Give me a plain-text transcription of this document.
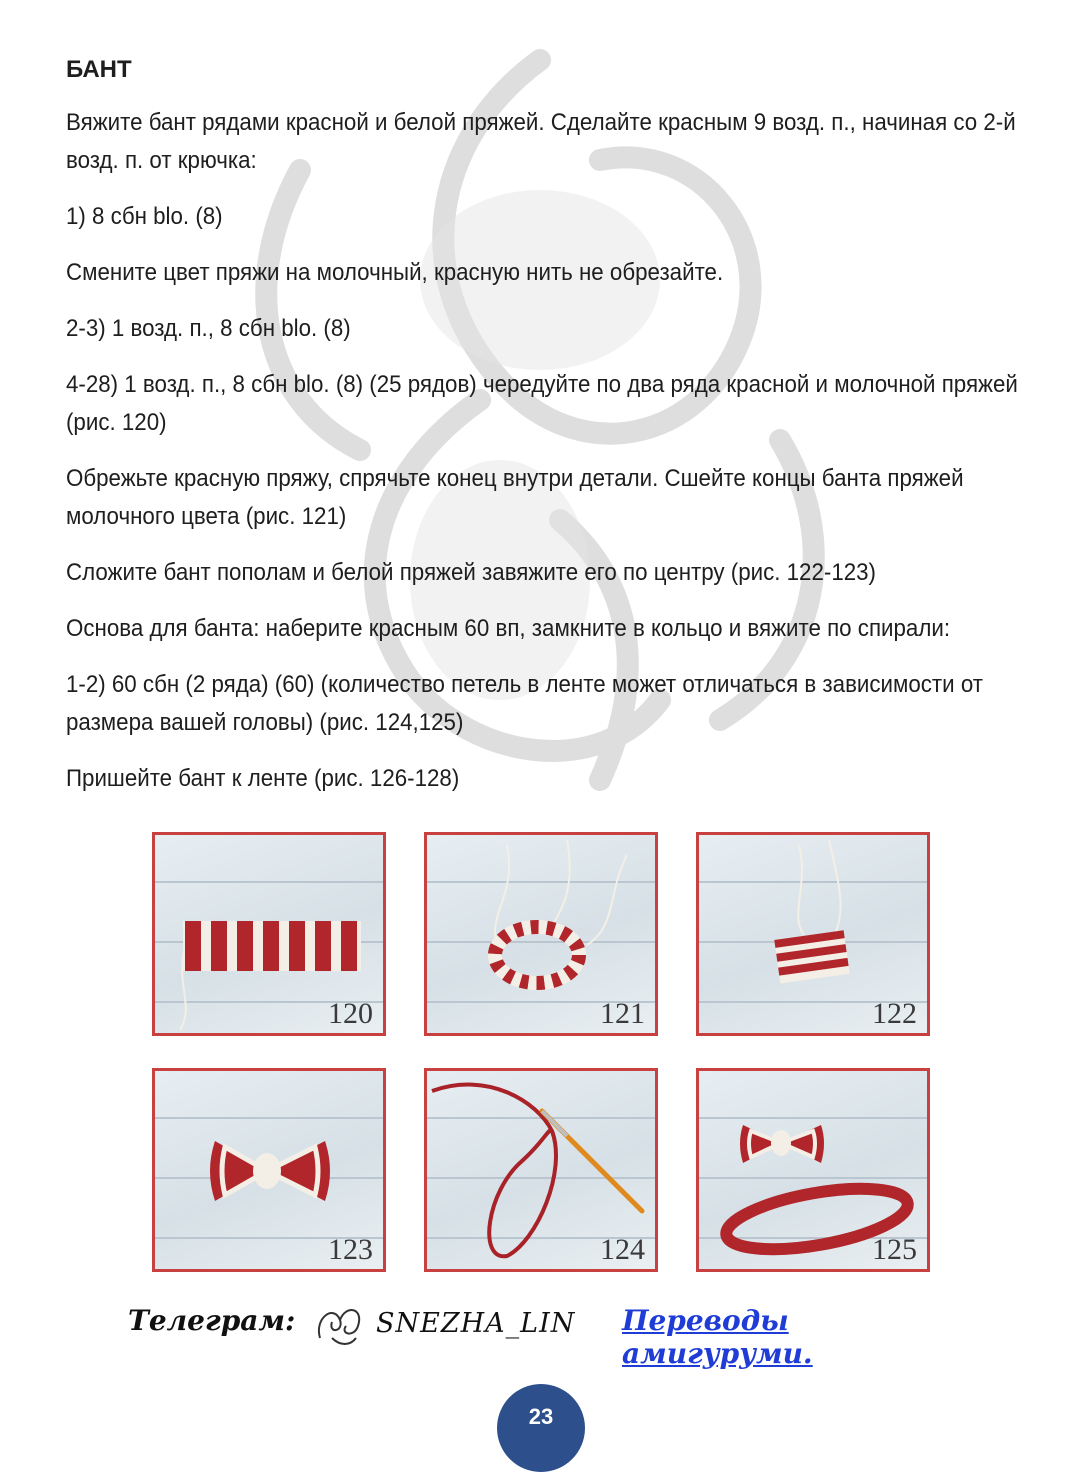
БАНТ

Вяжите бант рядами красной и белой пряжей. Сделайте красным 9 возд. п., начиная со 2-й возд. п. от крючка:

1) 8 сбн blo. (8)

Смените цвет пряжи на молочный, красную нить не обрезайте.

2-3) 1 возд. п., 8 сбн blo. (8)

4-28) 1 возд. п., 8 сбн blo. (8) (25 рядов) чередуйте по два ряда красной и молочной пряжей (рис. 120)

Обрежьте красную пряжу, спрячьте конец внутри детали. Сшейте концы банта пряжей молочного цвета (рис. 121)

Сложите бант пополам и белой пряжей завяжите его по центру (рис. 122-123)

Основа для банта: наберите красным 60 вп, замкните в кольцо и вяжите по спирали:

1-2) 60 сбн (2 ряда) (60) (количество петель в ленте может отличаться в зависимости от размера вашей головы) (рис. 124,125)

Пришейте бант к ленте (рис. 126-128)

120	121	122
123	124	125
Телеграм:	SNEZHA_LIN Переводы амигуруми.
23
